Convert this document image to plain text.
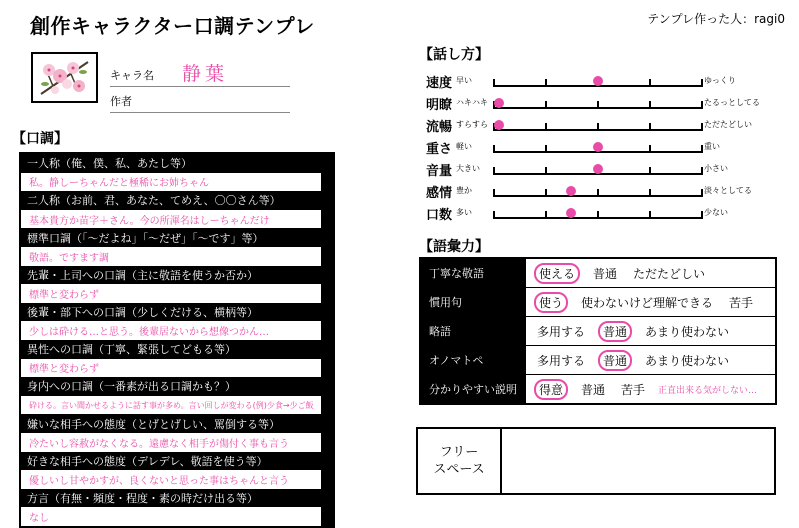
創作キャラクター口調テンプレ	テンプレ作った人：ragi0
キャラ名 静葉
作者
【口調】
一人称（俺、僕、私、あたし等）
私。静しーちゃんだと極稀にお姉ちゃん
二人称（お前、君、あなた、てめえ、〇〇さん等）
基本貴方か苗字＋さん。今の所渾名はしーちゃんだけ
標準口調（「～だよね」「～だぜ」「～です」等）
敬語。ですます調
先輩・上司への口調（主に敬語を使うか否か）
標準と変わらず
後輩・部下への口調（少しくだける、横柄等）
少しは砕ける…と思う。後輩居ないから想像つかん…
異性への口調（丁寧、緊張してどもる等）
標準と変わらず
身内への口調（一番素が出る口調かも？）
砕ける。言い聞かせるように話す事が多め。言い回しが変わる(例)少食→少ご飯
嫌いな相手への態度（とげとげしい、罵倒する等）
冷たいし容赦がなくなる。遠慮なく相手が傷付く事も言う
好きな相手への態度（デレデレ、敬語を使う等）
優しいし甘やかすが、良くないと思った事はちゃんと言う
方言（有無・頻度・程度・素の時だけ出る等）
なし
【話し方】
速度 早い	ゆっくり
明瞭 ハキハキ	たるっとしてる
流暢 すらすら	ただたどしい
重さ 軽い	重い
音量 大きい	小さい
感情 豊か	淡々としてる
口数 多い	少ない
【語彙力】
丁寧な敬語	使える	普通 ただたどしい
慣用句	使う	使わないけど理解できる 苦手
略語	多用する	普通	あまり使わない
オノマトペ	多用する	普通	あまり使わない
分かりやすい説明	得意	普通 苦手	正直出来る気がしない…
フリー
スペース
